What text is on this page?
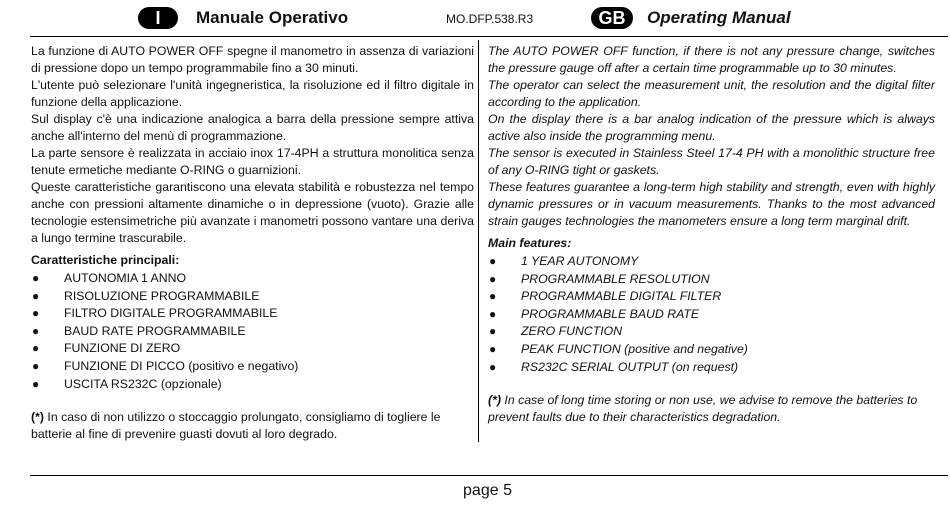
I	Manuale Operativo	MO.DFP.538.R3	GB	Operating Manual

La funzione di AUTO POWER OFF spegne il manometro in assenza di variazioni di pressione dopo un tempo programmabile fino a 30 minuti.

L'utente può selezionare l'unità ingegneristica, la risoluzione ed il filtro digitale in funzione della applicazione.

Sul display c'è una indicazione analogica a barra della pressione sempre attiva anche all'interno del menù di programmazione.

La parte sensore è realizzata in acciaio inox 17-4PH a struttura monolitica senza tenute ermetiche mediante O-RING o guarnizioni.

Queste caratteristiche garantiscono una elevata stabilità e robustezza nel tempo anche con pressioni altamente dinamiche o in depressione (vuoto). Grazie alle tecnologie estensimetriche più avanzate i manometri possono vantare una deriva a lungo termine trascurabile.

Caratteristiche principali:

● AUTONOMIA 1 ANNO
● RISOLUZIONE PROGRAMMABILE
● FILTRO DIGITALE PROGRAMMABILE
● BAUD RATE PROGRAMMABILE
● FUNZIONE DI ZERO
● FUNZIONE DI PICCO (positivo e negativo)
● USCITA RS232C (opzionale)

(*) In caso di non utilizzo o stoccaggio prolungato, consigliamo di togliere le batterie al fine di prevenire guasti dovuti al loro degrado.

The AUTO POWER OFF function, if there is not any pressure change, switches the pressure gauge off after a certain time programmable up to 30 minutes.

The operator can select the measurement unit, the resolution and the digital filter according to the application.

On the display there is a bar analog indication of the pressure which is always active also inside the programming menu.

The sensor is executed in Stainless Steel 17-4 PH with a monolithic structure free of any O-RING tight or gaskets.

These features guarantee a long-term high stability and strength, even with highly dynamic pressures or in vacuum measurements. Thanks to the most advanced strain gauges technologies the manometers ensure a long term marginal drift.

Main features:

● 1 YEAR AUTONOMY
● PROGRAMMABLE RESOLUTION
● PROGRAMMABLE DIGITAL FILTER
● PROGRAMMABLE BAUD RATE
● ZERO FUNCTION
● PEAK FUNCTION (positive and negative)
● RS232C SERIAL OUTPUT (on request)

(*) In case of long time storing or non use, we advise to remove the batteries to prevent faults due to their characteristics degradation.

page 5
